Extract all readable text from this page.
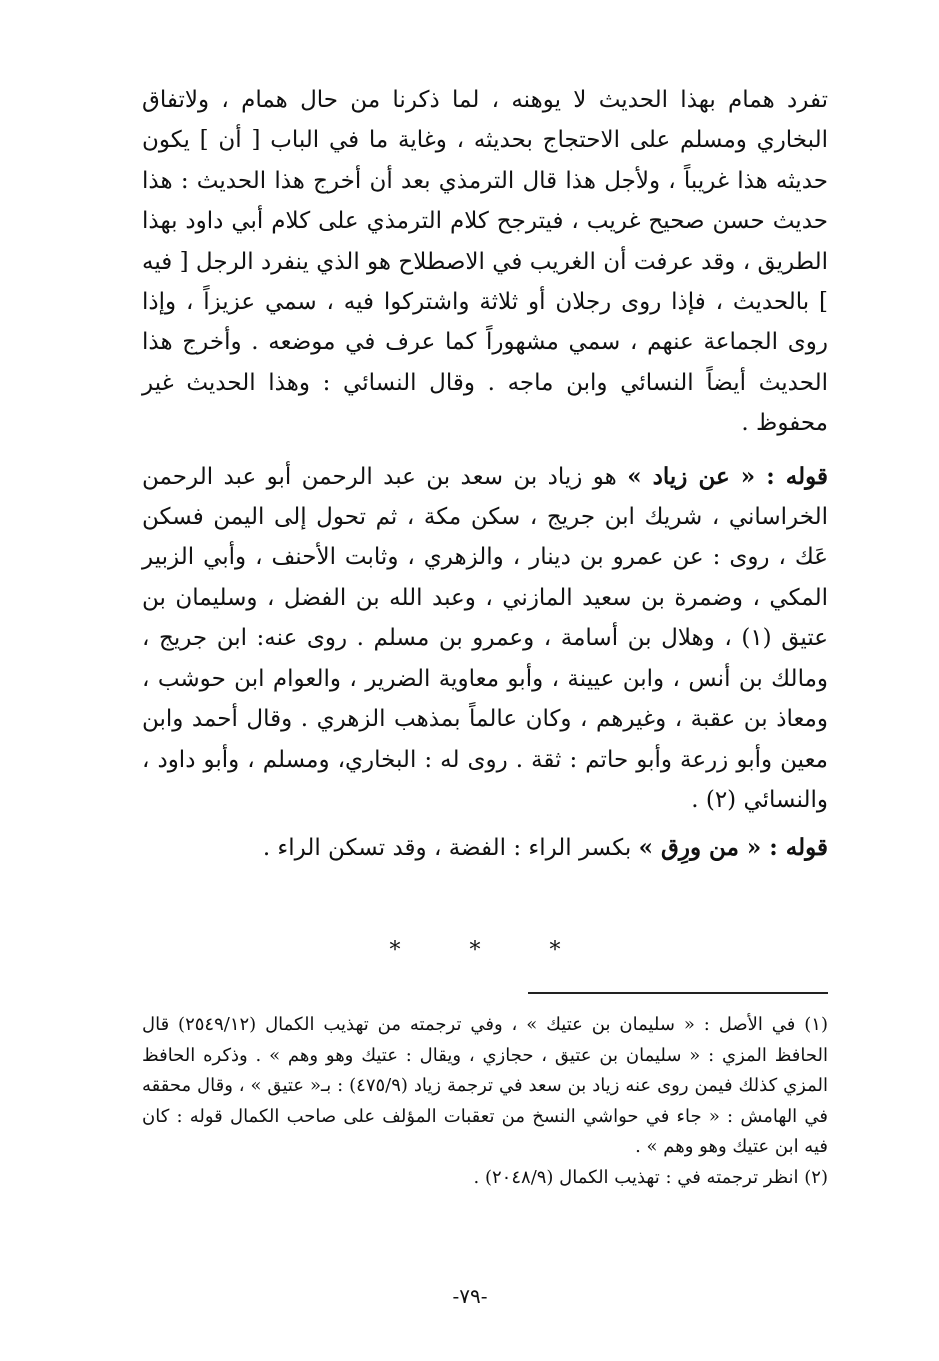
تفرد همام بهذا الحديث لا يوهنه ، لما ذكرنا من حال همام ، ولاتفاق البخاري ومسلم على الاحتجاج بحديثه ، وغاية ما في الباب [ أن ] يكون حديثه هذا غريباً ، ولأجل هذا قال الترمذي بعد أن أخرج هذا الحديث : هذا حديث حسن صحيح غريب ، فيترجح كلام الترمذي على كلام أبي داود بهذا الطريق ، وقد عرفت أن الغريب في الاصطلاح هو الذي ينفرد الرجل [ فيه ] بالحديث ، فإذا روى رجلان أو ثلاثة واشتركوا فيه ، سمي عزيزاً ، وإذا روى الجماعة عنهم ، سمي مشهوراً كما عرف في موضعه . وأخرج هذا الحديث أيضاً النسائي وابن ماجه . وقال النسائي : وهذا الحديث غير محفوظ .

قوله : « عن زياد » هو زياد بن سعد بن عبد الرحمن أبو عبد الرحمن الخراساني ، شريك ابن جريج ، سكن مكة ، ثم تحول إلى اليمن فسكن عَك ، روى : عن عمرو بن دينار ، والزهري ، وثابت الأحنف ، وأبي الزبير المكي ، وضمرة بن سعيد المازني ، وعبد الله بن الفضل ، وسليمان بن عتيق (١) ، وهلال بن أسامة ، وعمرو بن مسلم . روى عنه: ابن جريج ، ومالك بن أنس ، وابن عيينة ، وأبو معاوية الضرير ، والعوام ابن حوشب ، ومعاذ بن عقبة ، وغيرهم ، وكان عالماً بمذهب الزهري . وقال أحمد وابن معين وأبو زرعة وأبو حاتم : ثقة . روى له : البخاري، ومسلم ، وأبو داود ، والنسائي (٢) .

قوله : « من ورِق » بكسر الراء : الفضة ، وقد تسكن الراء .

*	*	*

(١) في الأصل : « سليمان بن عتيك » ، وفي ترجمته من تهذيب الكمال (٢٥٤٩/١٢) قال الحافظ المزي : « سليمان بن عتيق ، حجازي ، ويقال : عتيك وهو وهم » . وذكره الحافظ المزي كذلك فيمن روى عنه زياد بن سعد في ترجمة زياد (٤٧٥/٩) : بـ« عتيق » ، وقال محققه في الهامش : « جاء في حواشي النسخ من تعقبات المؤلف على صاحب الكمال قوله : كان فيه ابن عتيك وهو وهم » .

(٢) انظر ترجمته في : تهذيب الكمال (٢٠٤٨/٩) .

-٧٩-
